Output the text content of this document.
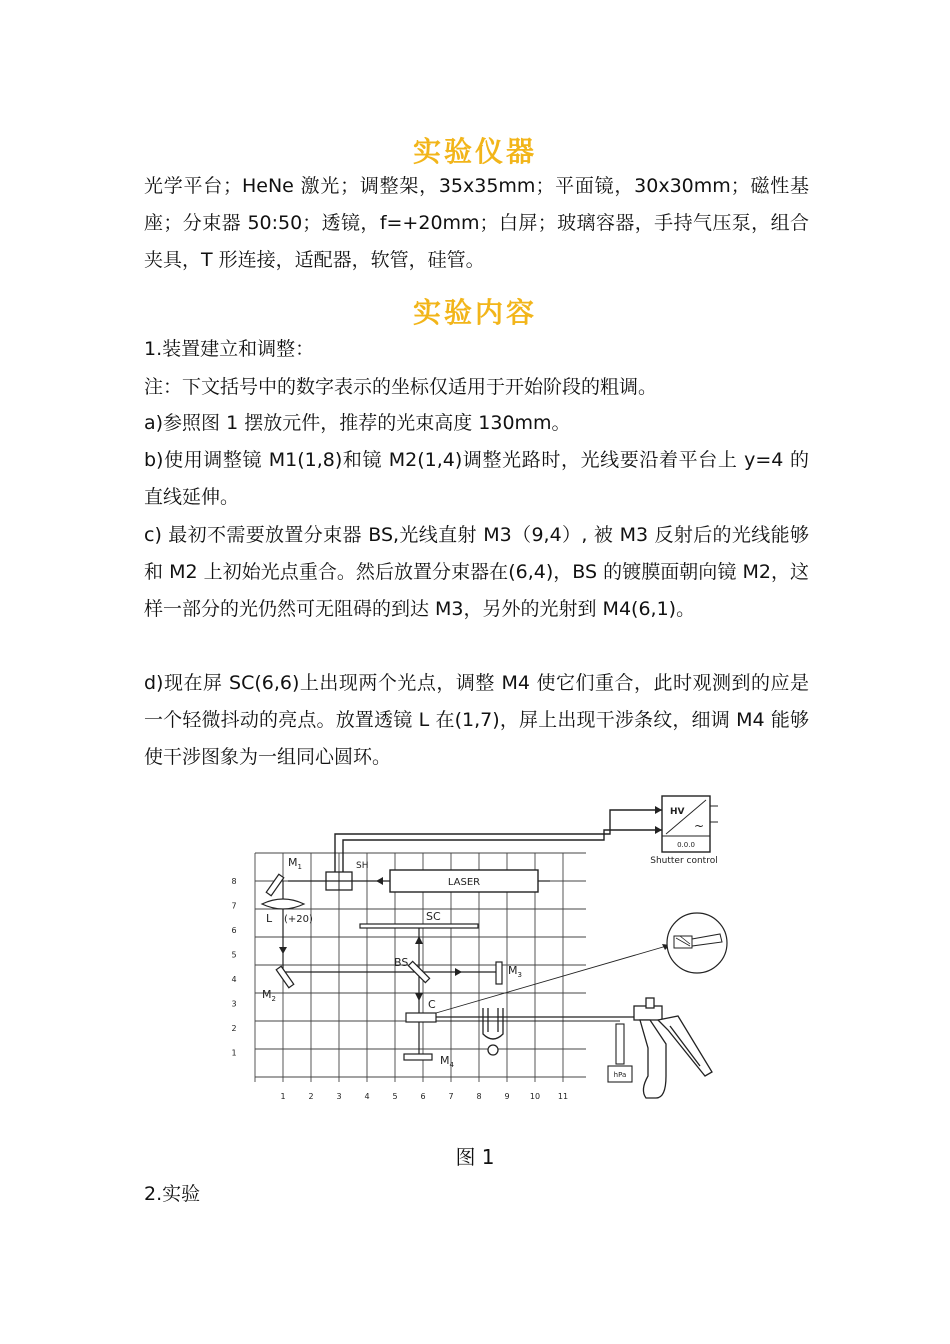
实验仪器

光学平台；HeNe 激光；调整架，35x35mm；平面镜，30x30mm；磁性基座；分束器 50:50；透镜，f=+20mm；白屏；玻璃容器，手持气压泵，组合夹具，T 形连接，适配器，软管，硅管。

实验内容

1.装置建立和调整：

注：下文括号中的数字表示的坐标仅适用于开始阶段的粗调。

a)参照图 1 摆放元件，推荐的光束高度 130mm。

b)使用调整镜 M1(1,8)和镜 M2(1,4)调整光路时，光线要沿着平台上 y=4 的直线延伸。

c) 最初不需要放置分束器 BS,光线直射 M3（9,4）, 被 M3 反射后的光线能够和 M2 上初始光点重合。然后放置分束器在(6,4)，BS 的镀膜面朝向镜 M2，这样一部分的光仍然可无阻碍的到达 M3，另外的光射到 M4(6,1)。

d)现在屏 SC(6,6)上出现两个光点，调整 M4 使它们重合，此时观测到的应是一个轻微抖动的亮点。放置透镜 L 在(1,7)，屏上出现干涉条纹，细调 M4 能够使干涉图象为一组同心圆环。

1	2	3	4	5	6	7	8	9	10 11
8
7
6
5
4
3
2
1
HV
~
0.0.0
Shutter control
LASER
SH
hPa
$M_1$
$M_2$
$M_3$
$M_4$
SC
BS
C
L (+20)
图 1

2.实验
